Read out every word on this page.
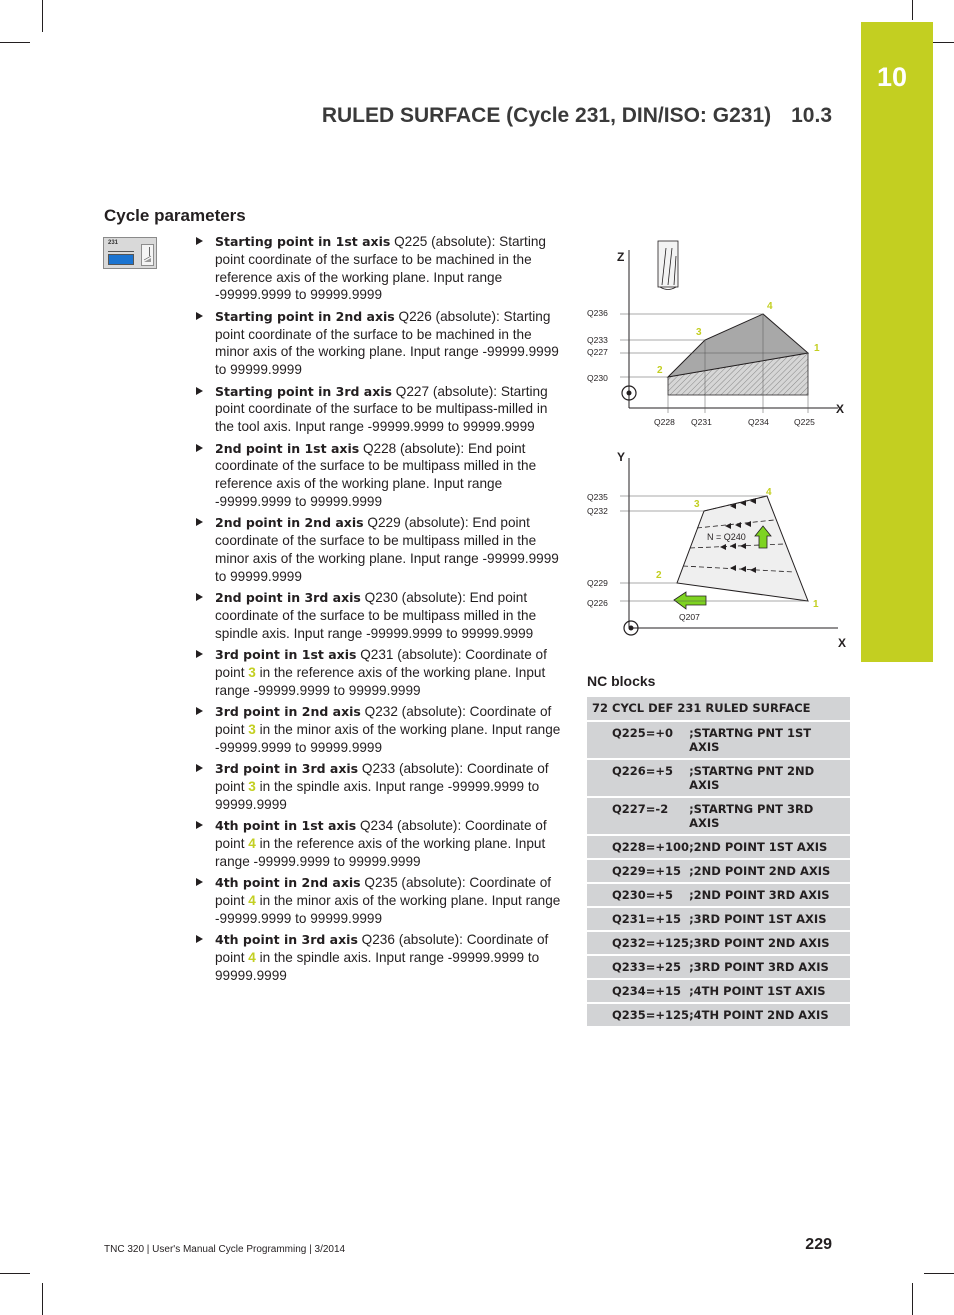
10
RULED SURFACE (Cycle 231, DIN/ISO: G231) 10.3
Cycle parameters
231	Starting point in 1st axis Q225 (absolute): Starting point coordinate of the surface to be machined in the reference axis of the working plane. Input range -99999.9999 to 99999.9999
Starting point in 2nd axis Q226 (absolute): Starting point coordinate of the surface to be machined in the minor axis of the working plane. Input range -99999.9999 to 99999.9999
Starting point in 3rd axis Q227 (absolute): Starting point coordinate of the surface to be multipass-milled in the tool axis. Input range -99999.9999 to 99999.9999
2nd point in 1st axis Q228 (absolute): End point coordinate of the surface to be multipass milled in the reference axis of the working plane. Input range -99999.9999 to 99999.9999
2nd point in 2nd axis Q229 (absolute): End point coordinate of the surface to be multipass milled in the minor axis of the working plane. Input range -99999.9999 to 99999.9999
2nd point in 3rd axis Q230 (absolute): End point coordinate of the surface to be multipass milled in the spindle axis. Input range -99999.9999 to 99999.9999
3rd point in 1st axis Q231 (absolute): Coordinate of point 3 in the reference axis of the working plane. Input range -99999.9999 to 99999.9999
3rd point in 2nd axis Q232 (absolute): Coordinate of point 3 in the minor axis of the working plane. Input range -99999.9999 to 99999.9999
3rd point in 3rd axis Q233 (absolute): Coordinate of point 3 in the spindle axis. Input range -99999.9999 to 99999.9999
4th point in 1st axis Q234 (absolute): Coordinate of point 4 in the reference axis of the working plane. Input range -99999.9999 to 99999.9999
4th point in 2nd axis Q235 (absolute): Coordinate of point 4 in the minor axis of the working plane. Input range -99999.9999 to 99999.9999
4th point in 3rd axis Q236 (absolute): Coordinate of point 4 in the spindle axis. Input range -99999.9999 to 99999.9999
Z
X
Q236
Q233
Q227
Q230
Q228 Q231	Q234	Q225
4
3
1
2
Y
X
Q235
Q232
Q229
Q226
N = Q240
Q207
3
4
2
1
NC blocks
72 CYCL DEF 231 RULED SURFACE	
Q225=+0	;STARTNG PNT 1ST AXIS
Q226=+5	;STARTNG PNT 2ND AXIS
Q227=-2	;STARTNG PNT 3RD AXIS
Q228=+100	;2ND POINT 1ST AXIS
Q229=+15	;2ND POINT 2ND AXIS
Q230=+5	;2ND POINT 3RD AXIS
Q231=+15	;3RD POINT 1ST AXIS
Q232=+125	;3RD POINT 2ND AXIS
Q233=+25	;3RD POINT 3RD AXIS
Q234=+15	;4TH POINT 1ST AXIS
Q235=+125	;4TH POINT 2ND AXIS
TNC 320 | User's Manual Cycle Programming | 3/2014	229
